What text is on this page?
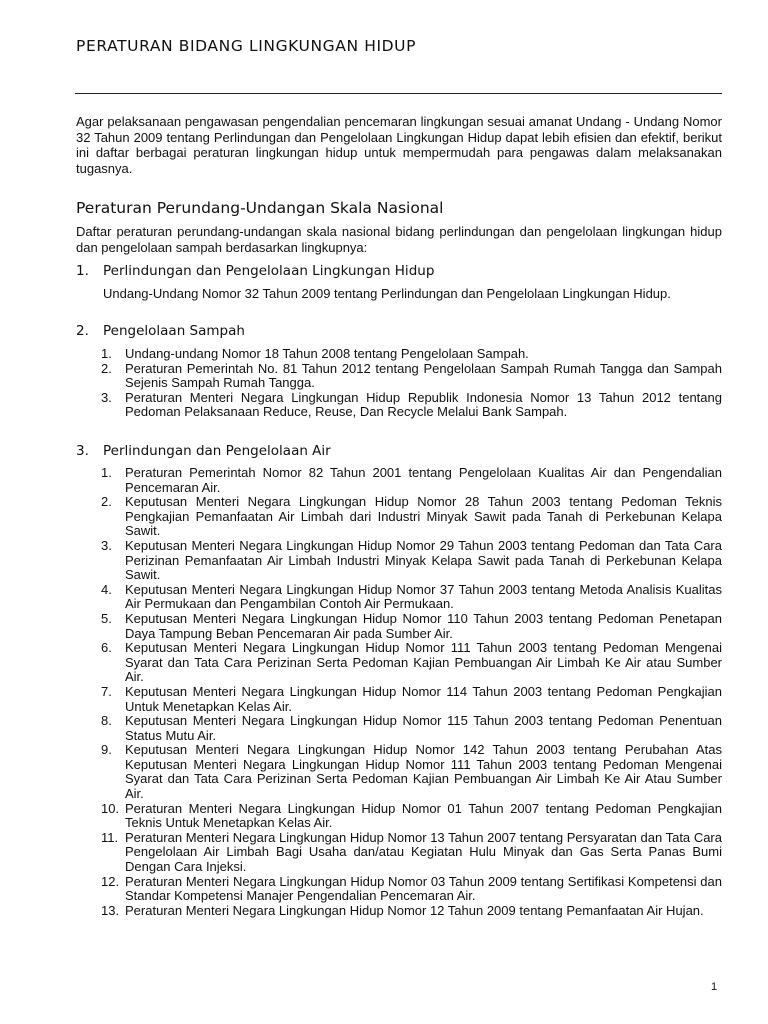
PERATURAN BIDANG LINGKUNGAN HIDUP

Agar pelaksanaan pengawasan pengendalian pencemaran lingkungan sesuai amanat Undang - Undang Nomor 32 Tahun 2009 tentang Perlindungan dan Pengelolaan Lingkungan Hidup dapat lebih efisien dan efektif, berikut ini daftar berbagai peraturan lingkungan hidup untuk mempermudah para pengawas dalam melaksanakan tugasnya.

Peraturan Perundang-Undangan Skala Nasional

Daftar peraturan perundang-undangan skala nasional bidang perlindungan dan pengelolaan lingkungan hidup dan pengelolaan sampah berdasarkan lingkupnya:

1. Perlindungan dan Pengelolaan Lingkungan Hidup
Undang-Undang Nomor 32 Tahun 2009 tentang Perlindungan dan Pengelolaan Lingkungan Hidup.
2. Pengelolaan Sampah
1. Undang-undang Nomor 18 Tahun 2008 tentang Pengelolaan Sampah.
2. Peraturan Pemerintah No. 81 Tahun 2012 tentang Pengelolaan Sampah Rumah Tangga dan Sampah Sejenis Sampah Rumah Tangga.
3. Peraturan Menteri Negara Lingkungan Hidup Republik Indonesia Nomor 13 Tahun 2012 tentang Pedoman Pelaksanaan Reduce, Reuse, Dan Recycle Melalui Bank Sampah.
3. Perlindungan dan Pengelolaan Air
1. Peraturan Pemerintah Nomor 82 Tahun 2001 tentang Pengelolaan Kualitas Air dan Pengendalian Pencemaran Air.
2. Keputusan Menteri Negara Lingkungan Hidup Nomor 28 Tahun 2003 tentang Pedoman Teknis Pengkajian Pemanfaatan Air Limbah dari Industri Minyak Sawit pada Tanah di Perkebunan Kelapa Sawit.
3. Keputusan Menteri Negara Lingkungan Hidup Nomor 29 Tahun 2003 tentang Pedoman dan Tata Cara Perizinan Pemanfaatan Air Limbah Industri Minyak Kelapa Sawit pada Tanah di Perkebunan Kelapa Sawit.
4. Keputusan Menteri Negara Lingkungan Hidup Nomor 37 Tahun 2003 tentang Metoda Analisis Kualitas Air Permukaan dan Pengambilan Contoh Air Permukaan.
5. Keputusan Menteri Negara Lingkungan Hidup Nomor 110 Tahun 2003 tentang Pedoman Penetapan Daya Tampung Beban Pencemaran Air pada Sumber Air.
6. Keputusan Menteri Negara Lingkungan Hidup Nomor 111 Tahun 2003 tentang Pedoman Mengenai Syarat dan Tata Cara Perizinan Serta Pedoman Kajian Pembuangan Air Limbah Ke Air atau Sumber Air.
7. Keputusan Menteri Negara Lingkungan Hidup Nomor 114 Tahun 2003 tentang Pedoman Pengkajian Untuk Menetapkan Kelas Air.
8. Keputusan Menteri Negara Lingkungan Hidup Nomor 115 Tahun 2003 tentang Pedoman Penentuan Status Mutu Air.
9. Keputusan Menteri Negara Lingkungan Hidup Nomor 142 Tahun 2003 tentang Perubahan Atas Keputusan Menteri Negara Lingkungan Hidup Nomor 111 Tahun 2003 tentang Pedoman Mengenai Syarat dan Tata Cara Perizinan Serta Pedoman Kajian Pembuangan Air Limbah Ke Air Atau Sumber Air.
10. Peraturan Menteri Negara Lingkungan Hidup Nomor 01 Tahun 2007 tentang Pedoman Pengkajian Teknis Untuk Menetapkan Kelas Air.
11. Peraturan Menteri Negara Lingkungan Hidup Nomor 13 Tahun 2007 tentang Persyaratan dan Tata Cara Pengelolaan Air Limbah Bagi Usaha dan/atau Kegiatan Hulu Minyak dan Gas Serta Panas Bumi Dengan Cara Injeksi.
12. Peraturan Menteri Negara Lingkungan Hidup Nomor 03 Tahun 2009 tentang Sertifikasi Kompetensi dan Standar Kompetensi Manajer Pengendalian Pencemaran Air.
13. Peraturan Menteri Negara Lingkungan Hidup Nomor 12 Tahun 2009 tentang Pemanfaatan Air Hujan.
1
